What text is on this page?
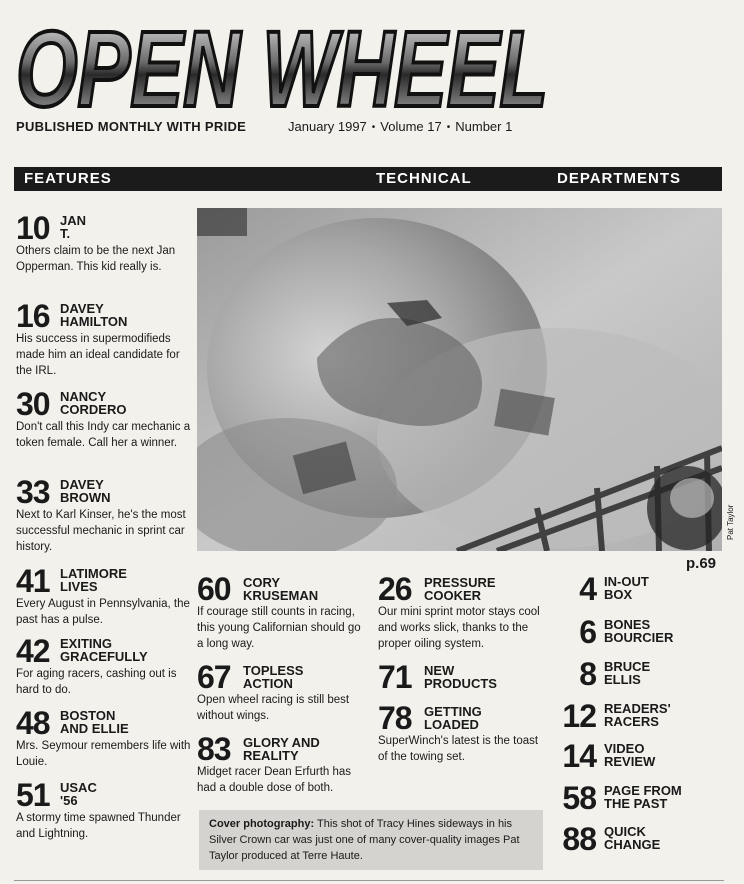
OPEN WHEEL
PUBLISHED MONTHLY WITH PRIDE	January 1997 • Volume 17 • Number 1
FEATURES	TECHNICAL	DEPARTMENTS
10 JAN
T.
Others claim to be the next Jan Opperman. This kid really is.
16 DAVEY
HAMILTON
His success in supermodifieds made him an ideal candidate for the IRL.
30 NANCY
CORDERO
Don't call this Indy car mechanic a token female. Call her a winner.
33 DAVEY
BROWN
Next to Karl Kinser, he's the most successful mechanic in sprint car history.
41 LATIMORE
LIVES
Every August in Pennsylvania, the past has a pulse.
42 EXITING
GRACEFULLY
For aging racers, cashing out is hard to do.
48 BOSTON
AND ELLIE
Mrs. Seymour remembers life with Louie.
51 USAC
'56
A stormy time spawned Thunder and Lightning.
60 CORY
KRUSEMAN
If courage still counts in racing, this young Californian should go a long way.
67 TOPLESS
ACTION
Open wheel racing is still best without wings.
83 GLORY AND
REALITY
Midget racer Dean Erfurth has had a double dose of both.
26 PRESSURE
COOKER
Our mini sprint motor stays cool and works slick, thanks to the proper oiling system.
71 NEW
PRODUCTS
78 GETTING
LOADED
SuperWinch's latest is the toast of the towing set.
4 IN-OUT
BOX
6 BONES
BOURCIER
8 BRUCE
ELLIS
12 READERS'
RACERS
14 VIDEO
REVIEW
58 PAGE FROM
THE PAST
88 QUICK
CHANGE
Pat Taylor
p.69
Cover photography: This shot of Tracy Hines sideways in his Silver Crown car was just one of many cover-quality images Pat Taylor produced at Terre Haute.
